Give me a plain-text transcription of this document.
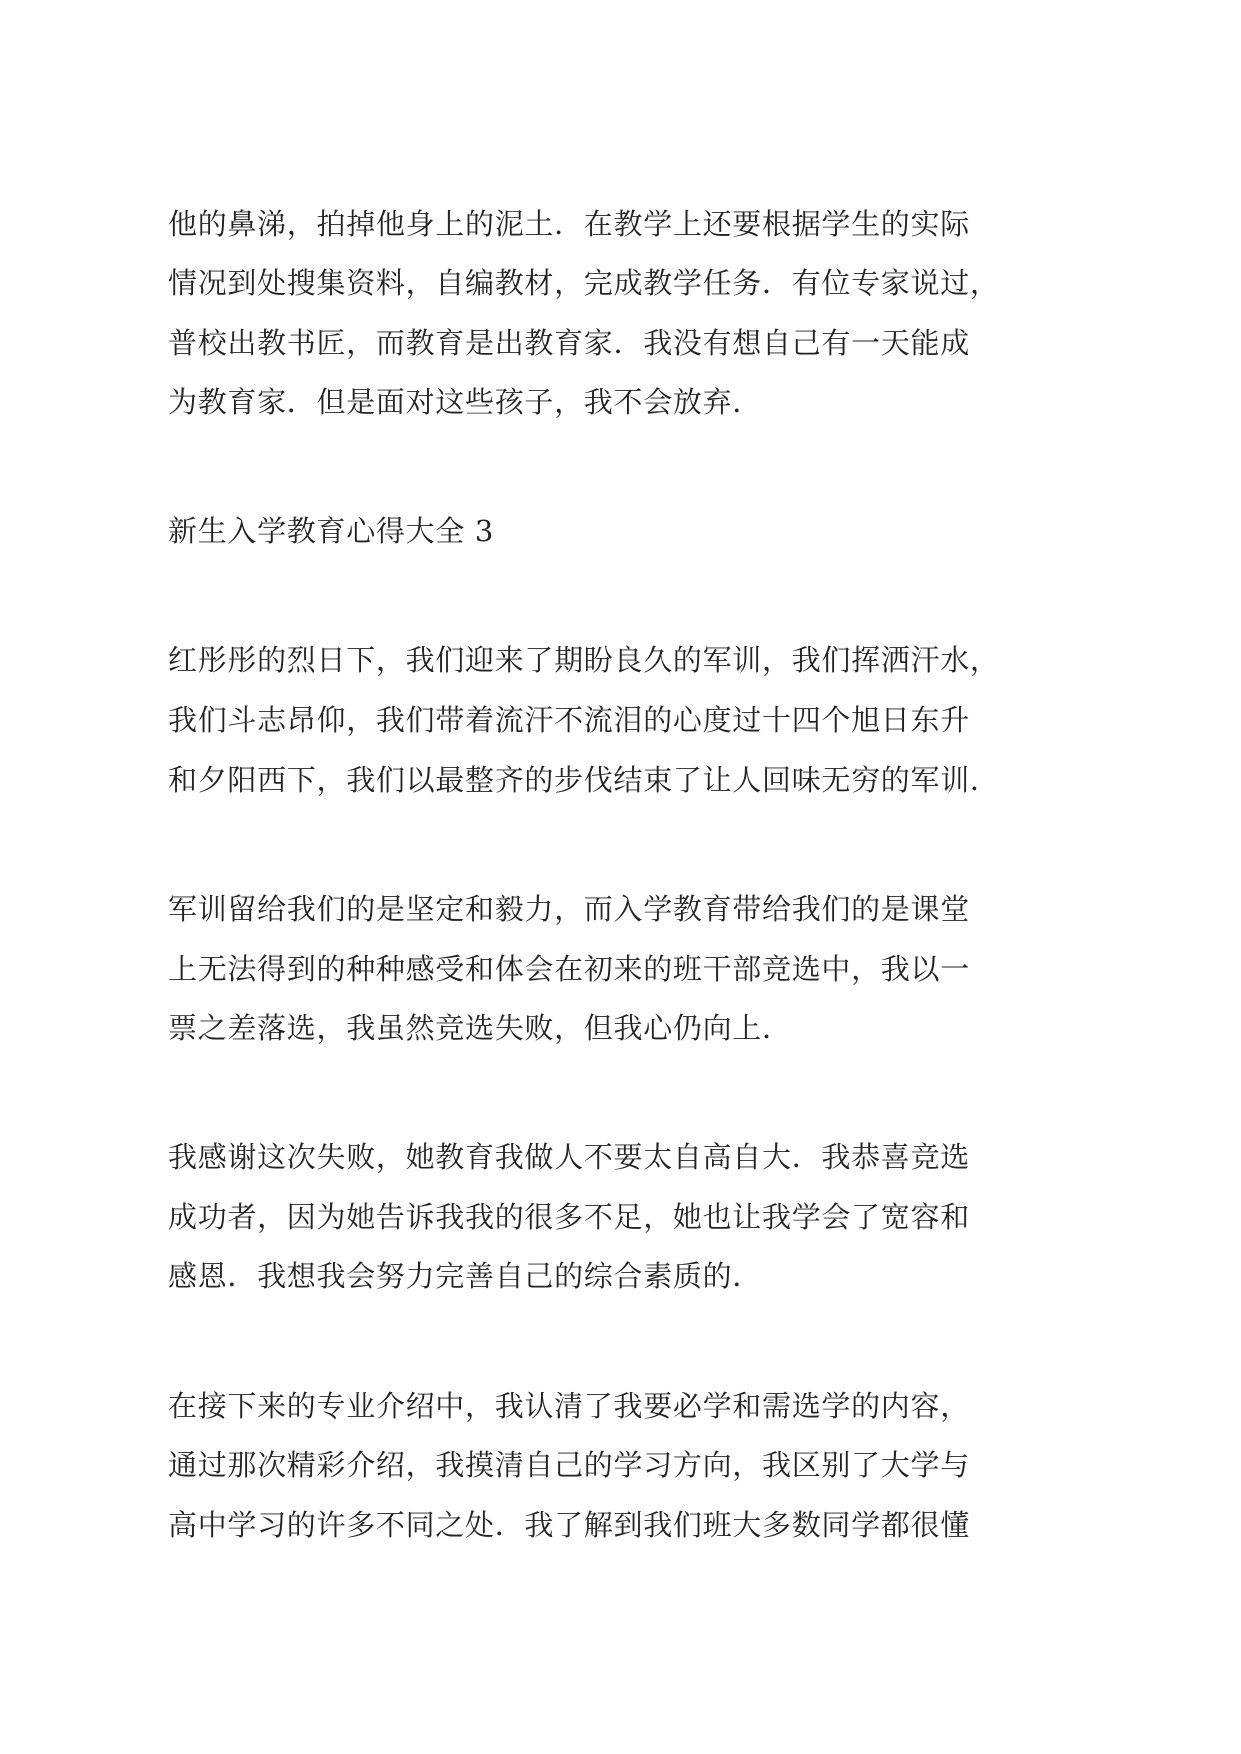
他的鼻涕，拍掉他身上的泥土．在教学上还要根据学生的实际
情况到处搜集资料，自编教材，完成教学任务．有位专家说过，
普校出教书匠，而教育是出教育家．我没有想自己有一天能成
为教育家．但是面对这些孩子，我不会放弃．
新生入学教育心得大全 3
红彤彤的烈日下，我们迎来了期盼良久的军训，我们挥洒汗水，
我们斗志昂仰，我们带着流汗不流泪的心度过十四个旭日东升
和夕阳西下，我们以最整齐的步伐结束了让人回味无穷的军训．
军训留给我们的是坚定和毅力，而入学教育带给我们的是课堂
上无法得到的种种感受和体会在初来的班干部竞选中，我以一
票之差落选，我虽然竞选失败，但我心仍向上．
我感谢这次失败，她教育我做人不要太自高自大．我恭喜竞选
成功者，因为她告诉我我的很多不足，她也让我学会了宽容和
感恩．我想我会努力完善自己的综合素质的．
在接下来的专业介绍中，我认清了我要必学和需选学的内容，
通过那次精彩介绍，我摸清自己的学习方向，我区别了大学与
高中学习的许多不同之处．我了解到我们班大多数同学都很懂
